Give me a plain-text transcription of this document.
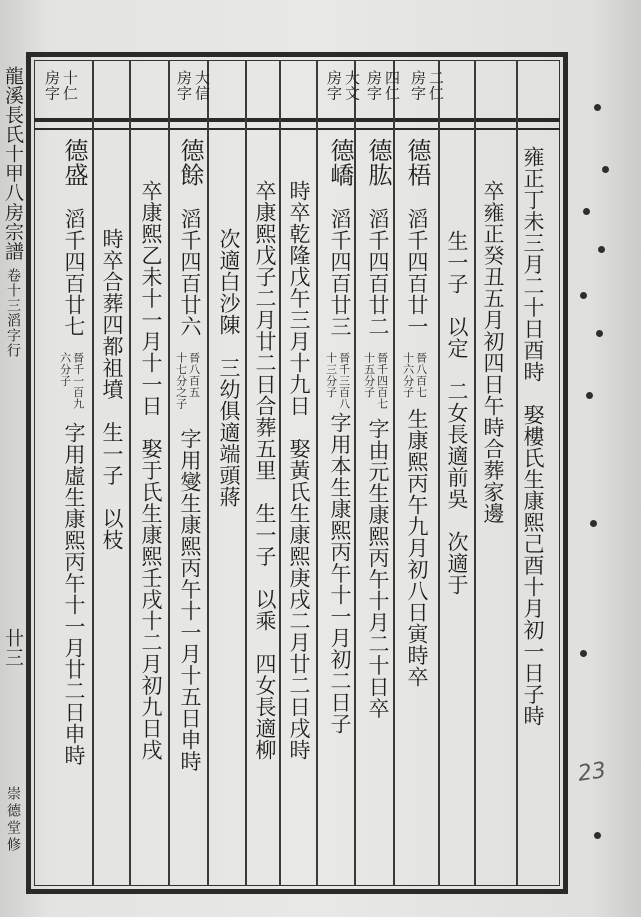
十仁
房字	大信
房字	大文
房字	四仁
房字	二仁
房字
雍正丁未三月二十日酉時　娶樓氏生康熙己酉十月初一日子時
卒雍正癸丑五月初四日午時合葬家邊
生一子　以定　二女長適前吳　次適于
德梧
滔千四百廿一
晉八百七
十六分子
生康熙丙午九月初八日寅時卒
德肱
滔千四百廿二
晉千四百七
十五分子
字由元生康熙丙午十月二十日卒
德嶠
滔千四百廿三
晉千三百八
十三分子
字用本生康熙丙午十一月初二日子
時卒乾隆戊午三月十九日　娶黃氏生康熙庚戌二月廿二日戌時
卒康熙戊子二月廿二日合葬五里　生一子　以乘　四女長適柳
次適白沙陳　三幼俱適端頭蔣
德餘
滔千四百廿六
晉八百五
十七分之子
字用燮生康熙丙午十一月十五日申時
卒康熙乙未十一月十一日　娶于氏生康熙壬戌十二月初九日戌
時卒合葬四都祖墳　生一子　以枝
德盛
滔千四百廿七
晉千一百九
六分子
字用虛生康熙丙午十一月廿二日申時
龍溪長氏十甲八房宗譜
卷十三滔字行
卄三
崇德堂修
23
